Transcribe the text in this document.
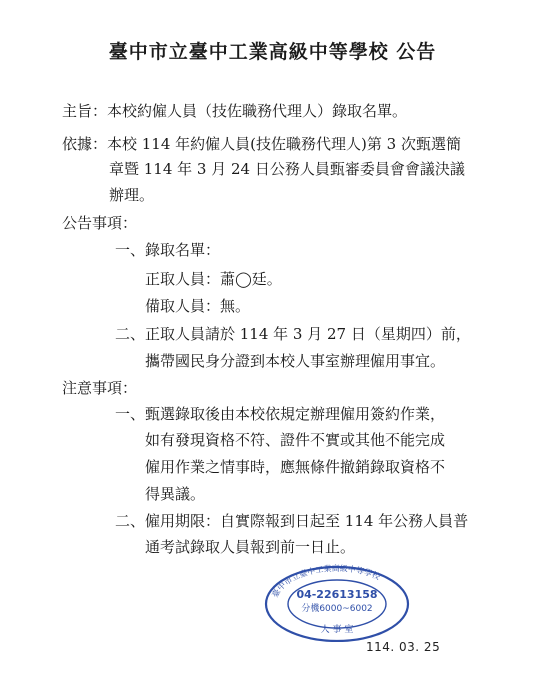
臺中市立臺中工業高級中等學校 公告
主旨：本校約僱人員（技佐職務代理人）錄取名單。
依據：本校 114 年約僱人員(技佐職務代理人)第 3 次甄選簡
章暨 114 年 3 月 24 日公務人員甄審委員會會議決議
辦理。
公告事項：
一、錄取名單：
正取人員：蕭◯廷。
備取人員：無。
二、正取人員請於 114 年 3 月 27 日（星期四）前，
攜帶國民身分證到本校人事室辦理僱用事宜。
注意事項：
一、甄選錄取後由本校依規定辦理僱用簽約作業，
如有發現資格不符、證件不實或其他不能完成
僱用作業之情事時，應無條件撤銷錄取資格不
得異議。
二、僱用期限：自實際報到日起至 114 年公務人員普
通考試錄取人員報到前一日止。
臺中市立臺中工業高級中等學校
04-22613158
分機6000~6002
人 事 室
114. 03. 25
